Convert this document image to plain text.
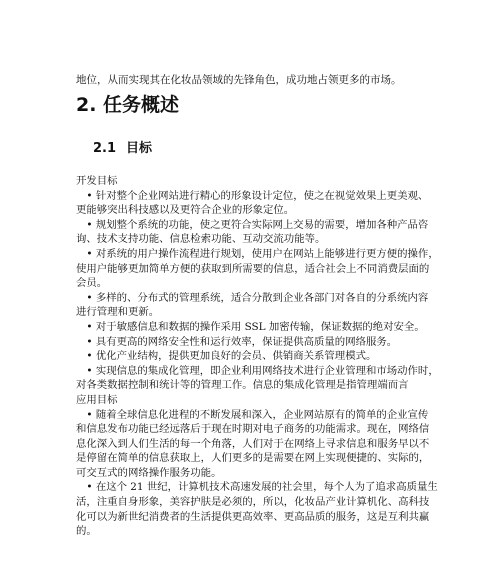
地位，从而实现其在化妆品领域的先锋角色，成功地占领更多的市场。

2. 任务概述
2.1 目标

开发目标

　• 针对整个企业网站进行精心的形象设计定位，使之在视觉效果上更美观、

更能够突出科技感以及更符合企业的形象定位。

　• 规划整个系统的功能，使之更符合实际网上交易的需要，增加各种产品咨

询、技术支持功能、信息检索功能、互动交流功能等。

　• 对系统的用户操作流程进行规划，使用户在网站上能够进行更方便的操作，

使用户能够更加简单方便的获取到所需要的信息，适合社会上不同消费层面的

会员。

　• 多样的、分布式的管理系统，适合分散到企业各部门对各自的分系统内容

进行管理和更新。

　• 对于敏感信息和数据的操作采用 SSL 加密传输，保证数据的绝对安全。

　• 具有更高的网络安全性和运行效率，保证提供高质量的网络服务。

　• 优化产业结构，提供更加良好的会员、供销商关系管理模式。

　• 实现信息的集成化管理，即企业利用网络技术进行企业管理和市场动作时，

对各类数据控制和统计等的管理工作。信息的集成化管理是指管理端而言

应用目标

　• 随着全球信息化进程的不断发展和深入，企业网站原有的简单的企业宣传

和信息发布功能已经远落后于现在时期对电子商务的功能需求。现在，网络信

息化深入到人们生活的每一个角落，人们对于在网络上寻求信息和服务早以不

是停留在简单的信息获取上，人们更多的是需要在网上实现便捷的、实际的，

可交互式的网络操作服务功能。

　• 在这个 21 世纪，计算机技术高速发展的社会里，每个人为了追求高质量生

活，注重自身形象，美容护肤是必须的，所以，化妆品产业计算机化、高科技

化可以为新世纪消费者的生活提供更高效率、更高品质的服务，这是互利共赢

的。
